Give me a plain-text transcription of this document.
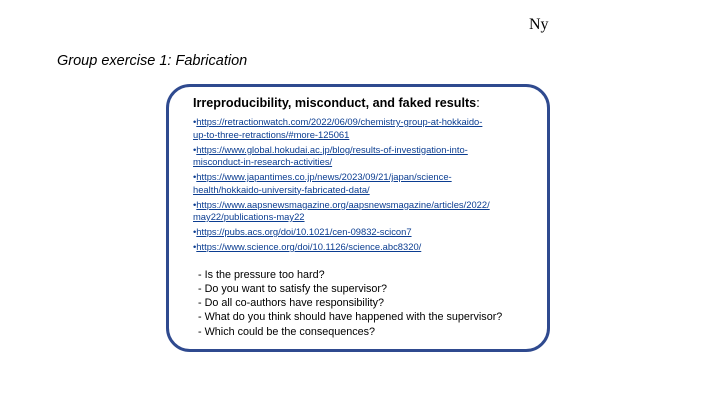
Ny
Group exercise 1: Fabrication
Irreproducibility, misconduct, and faked results:
•https://retractionwatch.com/2022/06/09/chemistry-group-at-hokkaido-
up-to-three-retractions/#more-125061
•https://www.global.hokudai.ac.jp/blog/results-of-investigation-into-
misconduct-in-research-activities/
•https://www.japantimes.co.jp/news/2023/09/21/japan/science-
health/hokkaido-university-fabricated-data/
•https://www.aapsnewsmagazine.org/aapsnewsmagazine/articles/2022/
may22/publications-may22
•https://pubs.acs.org/doi/10.1021/cen-09832-scicon7
•https://www.science.org/doi/10.1126/science.abc8320/
- Is the pressure too hard?
- Do you want to satisfy the supervisor?
- Do all co-authors have responsibility?
- What do you think should have happened with the supervisor?
- Which could be the consequences?
